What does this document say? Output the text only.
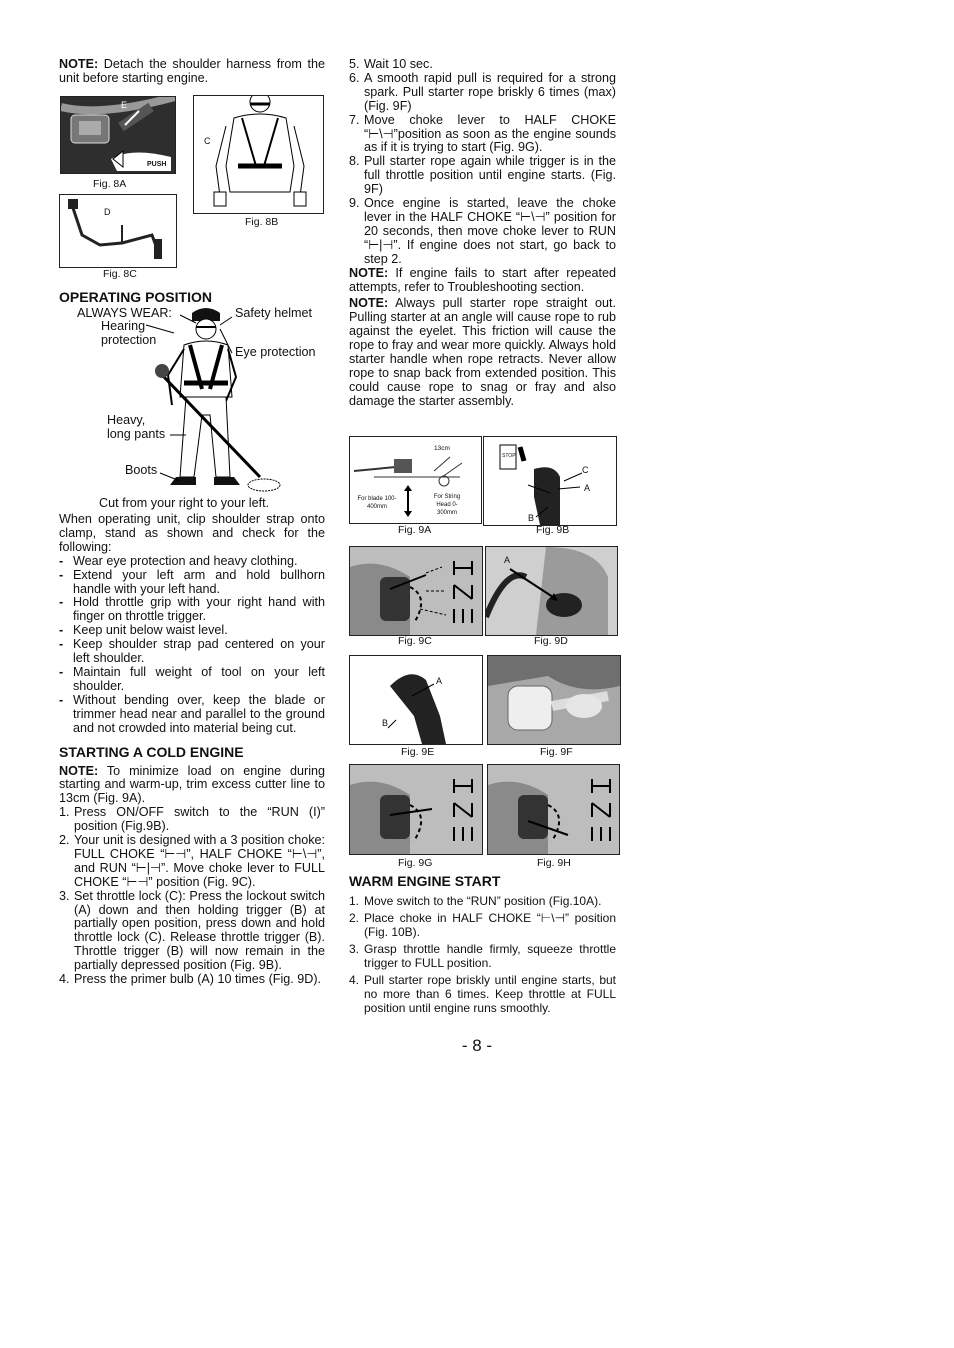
NOTE: Detach the shoulder harness from the unit before starting engine.

E
PUSH
Fig. 8A
C
Fig. 8B
D
Fig. 8C
OPERATING POSITION
ALWAYS WEAR:	Safety helmet
Hearing protection
Eye protection
Heavy, long pants
Boots
Cut from your right to your left.

When operating unit, clip shoulder strap onto clamp, stand as shown and check for the following:

- Wear eye protection and heavy clothing.
- Extend your left arm and hold bullhorn handle with your left hand.
- Hold throttle grip with your right hand with finger on throttle trigger.
- Keep unit below waist level.
- Keep shoulder strap pad centered on your left shoulder.
- Maintain full weight of tool on your left shoulder.
- Without bending over, keep the blade or trimmer head near and parallel to the ground and not crowded into material being cut.
STARTING A COLD ENGINE

NOTE: To minimize load on engine during starting and warm-up, trim excess cutter line to 13cm (Fig. 9A).

1. Press ON/OFF switch to the “RUN (I)” position (Fig.9B).
2. Your unit is designed with a 3 position choke: FULL CHOKE “⊢⊣”, HALF CHOKE “⊢\⊣”, and RUN “⊢|⊣”. Move choke lever to FULL CHOKE “⊢⊣” position (Fig. 9C).
3. Set throttle lock (C): Press the lockout switch (A) down and then holding trigger (B) at partially open position, press down and hold throttle lock (C). Release throttle trigger (B). Throttle trigger (B) will now remain in the partially depressed position (Fig. 9B).
4. Press the primer bulb (A) 10 times (Fig. 9D).
5. Wait 10 sec.
6. A smooth rapid pull is required for a strong spark. Pull starter rope briskly 6 times (max) (Fig. 9F)
7. Move choke lever to HALF CHOKE “⊢\⊣”position as soon as the engine sounds as if it is trying to start (Fig. 9G).
8. Pull starter rope again while trigger is in the full throttle position until engine starts. (Fig. 9F)
9. Once engine is started, leave the choke lever in the HALF CHOKE “⊢\⊣” position for 20 seconds, then move choke lever to RUN “⊢|⊣”. If engine does not start, go back to step 2.

NOTE: If engine fails to start after repeated attempts, refer to Troubleshooting section.

NOTE: Always pull starter rope straight out. Pulling starter at an angle will cause rope to rub against the eyelet. This friction will cause the rope to fray and wear more quickly. Always hold starter handle when rope retracts. Never allow rope to snap back from extended position. This could cause rope to snag or fray and also damage the starter assembly.

13cm
For blade 100-400mm
For String Head 0-300mm
Fig. 9A
STOP
C
A
B
Fig. 9B
Fig. 9C
A
Fig. 9D
A
B
Fig. 9E	Fig. 9F
Fig. 9G	Fig. 9H
WARM ENGINE START
1. Move switch to the “RUN” position (Fig.10A).
2. Place choke in HALF CHOKE “⊢\⊣” position (Fig. 10B).
3. Grasp throttle handle firmly, squeeze throttle trigger to FULL position.
4. Pull starter rope briskly until engine starts, but no more than 6 times. Keep throttle at FULL position until engine runs smoothly.
- 8 -
